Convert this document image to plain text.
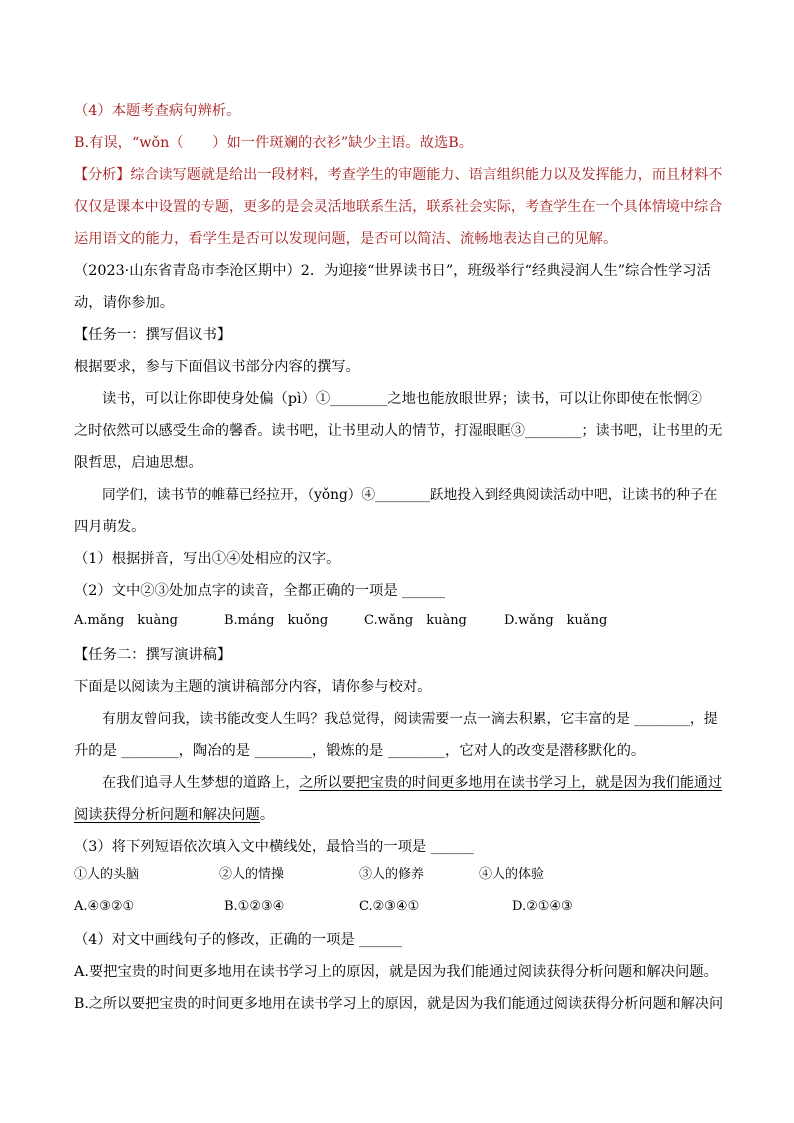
（4）本题考查病句辨析。
B.有误，“wǒn（　　）如一件斑斓的衣衫”缺少主语。故选B。
【分析】综合读写题就是给出一段材料，考查学生的审题能力、语言组织能力以及发挥能力，而且材料不
仅仅是课本中设置的专题，更多的是会灵活地联系生活，联系社会实际，考查学生在一个具体情境中综合
运用语文的能力，看学生是否可以发现问题，是否可以简洁、流畅地表达自己的见解。
（2023·山东省青岛市李沧区期中）2．为迎接“世界读书日”，班级举行“经典浸润人生”综合性学习活
动，请你参加。
【任务一：撰写倡议书】
根据要求，参与下面倡议书部分内容的撰写。
读书，可以让你即使身处偏（pì）①________之地也能放眼世界；读书，可以让你即使在怅惘②
之时依然可以感受生命的馨香。读书吧，让书里动人的情节，打湿眼眶③________；读书吧，让书里的无
限哲思，启迪思想。
同学们，读书节的帷幕已经拉开，（yǒng）④________跃地投入到经典阅读活动中吧，让读书的种子在
四月萌发。
（1）根据拼音，写出①④处相应的汉字。
（2）文中②③处加点字的读音，全都正确的一项是 ______
A.mǎng　kuàng	B.máng　kuǒng	C.wǎng　kuàng	D.wǎng　kuǎng
【任务二：撰写演讲稿】
下面是以阅读为主题的演讲稿部分内容，请你参与校对。
有朋友曾问我，读书能改变人生吗？我总觉得，阅读需要一点一滴去积累，它丰富的是 ________，提
升的是 ________，陶冶的是 ________，锻炼的是 ________，它对人的改变是潜移默化的。
在我们追寻人生梦想的道路上，之所以要把宝贵的时间更多地用在读书学习上，就是因为我们能通过
阅读获得分析问题和解决问题。
（3）将下列短语依次填入文中横线处，最恰当的一项是 ______
①人的头脑	②人的情操	③人的修养	④人的体验
A.④③②①	B.①②③④	C.②③④①	D.②①④③
（4）对文中画线句子的修改，正确的一项是 ______
A.要把宝贵的时间更多地用在读书学习上的原因，就是因为我们能通过阅读获得分析问题和解决问题。
B.之所以要把宝贵的时间更多地用在读书学习上的原因，就是因为我们能通过阅读获得分析问题和解决问
